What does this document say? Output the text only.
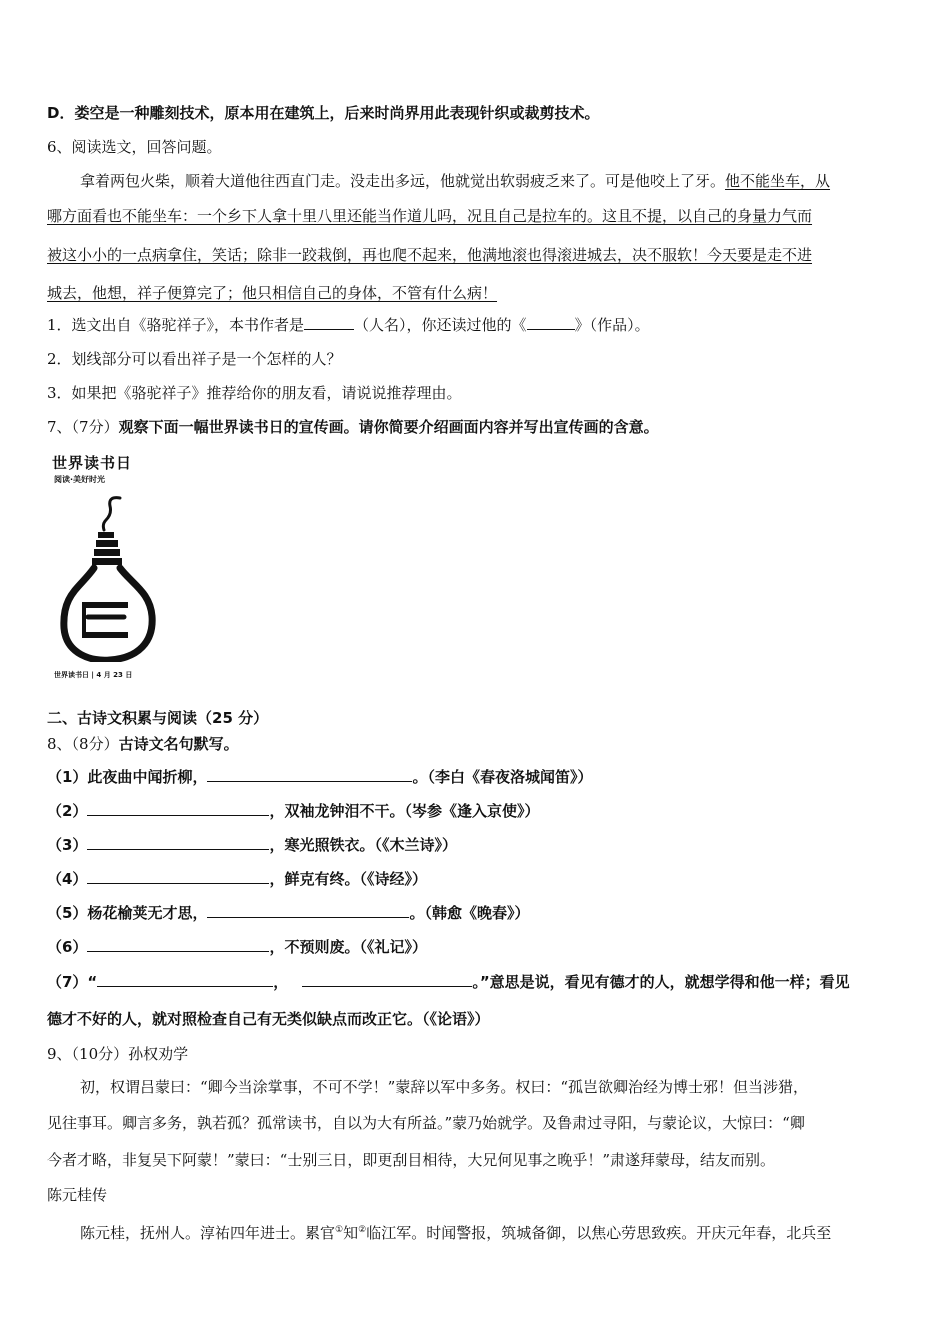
D．娄空是一种雕刻技术，原本用在建筑上，后来时尚界用此表现针织或裁剪技术。
6、阅读选文，回答问题。
拿着两包火柴，顺着大道他往西直门走。没走出多远，他就觉出软弱疲乏来了。可是他咬上了牙。他不能坐车，从
哪方面看也不能坐车：一个乡下人拿十里八里还能当作道儿吗，况且自己是拉车的。这且不提，以自己的身量力气而
被这小小的一点病拿住，笑话；除非一跤栽倒，再也爬不起来，他满地滚也得滚进城去，决不服软！今天要是走不进
城去，他想，祥子便算完了；他只相信自己的身体，不管有什么病！
1．选文出自《骆驼祥子》，本书作者是	（人名），你还读过他的《	》（作品）。
2．划线部分可以看出祥子是一个怎样的人？
3．如果把《骆驼祥子》推荐给你的朋友看，请说说推荐理由。
7、（7分）观察下面一幅世界读书日的宣传画。请你简要介绍画面内容并写出宣传画的含意。
世界读书日
阅读·美好时光
世界读书日 | 4 月 23 日
二、古诗文积累与阅读（25 分）
8、（8分）古诗文名句默写。
（1）此夜曲中闻折柳，	。（李白《春夜洛城闻笛》）
（2）	，双袖龙钟泪不干。（岑参《逢入京使》）
（3）	，寒光照铁衣。（《木兰诗》）
（4）	，鲜克有终。（《诗经》）
（5）杨花榆荚无才思，	。（韩愈《晚春》）
（6）	，不预则废。（《礼记》）
（7）“	，	。”意思是说，看见有德才的人，就想学得和他一样；看见
德才不好的人，就对照检查自己有无类似缺点而改正它。（《论语》）
9、（10分）孙权劝学
初，权谓吕蒙曰：“卿今当涂掌事，不可不学！”蒙辞以军中多务。权曰：“孤岂欲卿治经为博士邪！但当涉猎，
见往事耳。卿言多务，孰若孤？孤常读书，自以为大有所益。”蒙乃始就学。及鲁肃过寻阳，与蒙论议，大惊曰：“卿
今者才略，非复吴下阿蒙！”蒙曰：“士别三日，即更刮目相待，大兄何见事之晚乎！”肃遂拜蒙母，结友而别。
陈元桂传
陈元桂，抚州人。淳祐四年进士。累官①知②临江军。时闻警报，筑城备御，以焦心劳思致疾。开庆元年春，北兵至
